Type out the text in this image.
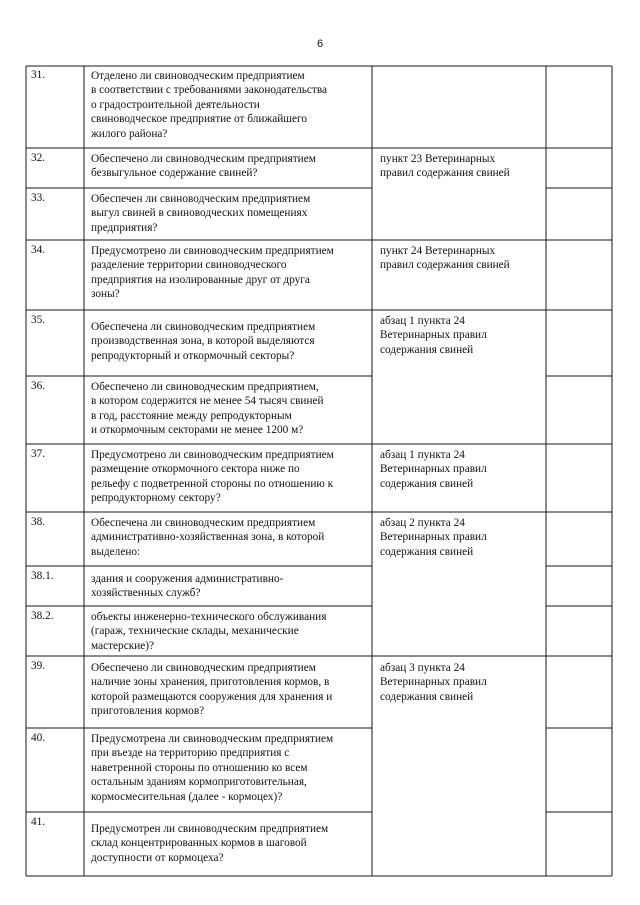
6
31.
32.
33.
34.
35.
36.
37.
38.
38.1.
38.2.
39.
40.
41.
Отделено ли свиноводческим предприятием
в соответствии с требованиями законодательства
о градостроительной деятельности
свиноводческое предприятие от ближайшего
жилого района?
Обеспечено ли свиноводческим предприятием
безвыгульное содержание свиней?
Обеспечен ли свиноводческим предприятием
выгул свиней в свиноводческих помещениях
предприятия?
Предусмотрено ли свиноводческим предприятием
разделение территории свиноводческого
предприятия на изолированные друг от друга
зоны?
Обеспечена ли свиноводческим предприятием
производственная зона, в которой выделяются
репродукторный и откормочный секторы?
Обеспечено ли свиноводческим предприятием,
в котором содержится не менее 54 тысяч свиней
в год, расстояние между репродукторным
и откормочным секторами не менее 1200 м?
Предусмотрено ли свиноводческим предприятием
размещение откормочного сектора ниже по
рельефу с подветренной стороны по отношению к
репродукторному сектору?
Обеспечена ли свиноводческим предприятием
административно-хозяйственная зона, в которой
выделено:
здания и сооружения административно-
хозяйственных служб?
объекты инженерно-технического обслуживания
(гараж, технические склады, механические
мастерские)?
Обеспечено ли свиноводческим предприятием
наличие зоны хранения, приготовления кормов, в
которой размещаются сооружения для хранения и
приготовления кормов?
Предусмотрена ли свиноводческим предприятием
при въезде на территорию предприятия с
наветренной стороны по отношению ко всем
остальным зданиям кормоприготовительная,
кормосмесительная (далее - кормоцех)?
Предусмотрен ли свиноводческим предприятием
склад концентрированных кормов в шаговой
доступности от кормоцеха?
пункт 23 Ветеринарных
правил содержания свиней
пункт 24 Ветеринарных
правил содержания свиней
абзац 1 пункта 24
Ветеринарных правил
содержания свиней
абзац 1 пункта 24
Ветеринарных правил
содержания свиней
абзац 2 пункта 24
Ветеринарных правил
содержания свиней
абзац 3 пункта 24
Ветеринарных правил
содержания свиней
